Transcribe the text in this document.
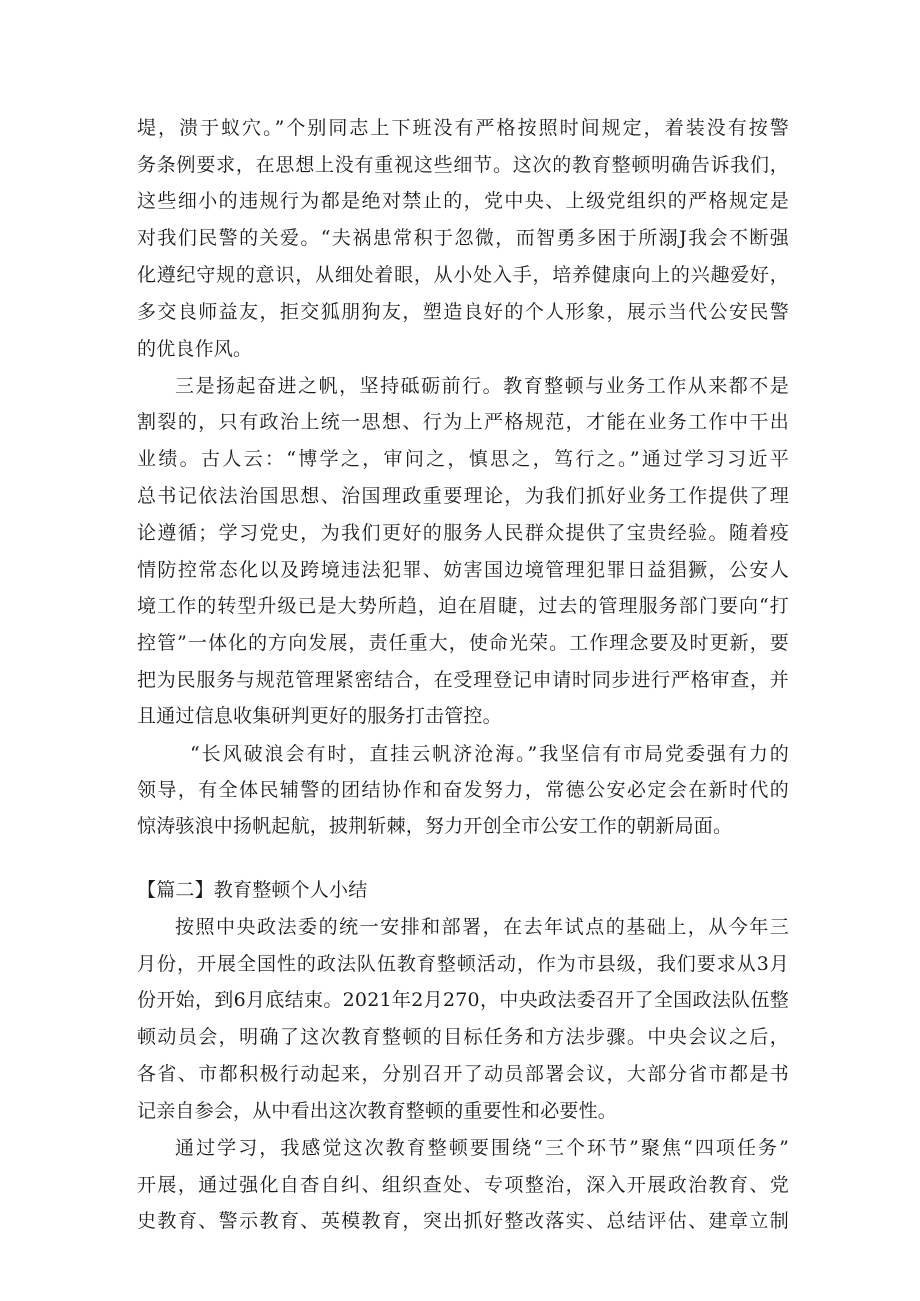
堤，溃于蚁穴。”个别同志上下班没有严格按照时间规定，着装没有按警
务条例要求，在思想上没有重视这些细节。这次的教育整顿明确告诉我们，
这些细小的违规行为都是绝对禁止的，党中央、上级党组织的严格规定是
对我们民警的关爱。“夫祸患常积于忽微，而智勇多困于所溺J我会不断强
化遵纪守规的意识，从细处着眼，从小处入手，培养健康向上的兴趣爱好，
多交良师益友，拒交狐朋狗友，塑造良好的个人形象，展示当代公安民警
的优良作风。
三是扬起奋进之帆，坚持砥砺前行。教育整顿与业务工作从来都不是
割裂的，只有政治上统一思想、行为上严格规范，才能在业务工作中干出
业绩。古人云：“博学之，审问之，慎思之，笃行之。”通过学习习近平
总书记依法治国思想、治国理政重要理论，为我们抓好业务工作提供了理
论遵循；学习党史，为我们更好的服务人民群众提供了宝贵经验。随着疫
情防控常态化以及跨境违法犯罪、妨害国边境管理犯罪日益猖獗，公安人
境工作的转型升级已是大势所趋，迫在眉睫，过去的管理服务部门要向“打
控管”一体化的方向发展，责任重大，使命光荣。工作理念要及时更新，要
把为民服务与规范管理紧密结合，在受理登记申请时同步进行严格审查，并
且通过信息收集研判更好的服务打击管控。
“长风破浪会有时，直挂云帆济沧海。”我坚信有市局党委强有力的
领导，有全体民辅警的团结协作和奋发努力，常德公安必定会在新时代的
惊涛骇浪中扬帆起航，披荆斩棘，努力开创全市公安工作的朝新局面。
【篇二】教育整顿个人小结
按照中央政法委的统一安排和部署，在去年试点的基础上，从今年三
月份，开展全国性的政法队伍教育整顿活动，作为市县级，我们要求从3月
份开始，到6月底结束。2021年2月270，中央政法委召开了全国政法队伍整
顿动员会，明确了这次教育整顿的目标任务和方法步骤。中央会议之后，
各省、市都积极行动起来，分别召开了动员部署会议，大部分省市都是书
记亲自参会，从中看出这次教育整顿的重要性和必要性。
通过学习，我感觉这次教育整顿要围绕“三个环节”聚焦“四项任务”
开展，通过强化自杳自纠、组织查处、专项整治，深入开展政治教育、党
史教育、警示教育、英模教育，突出抓好整改落实、总结评估、建章立制
